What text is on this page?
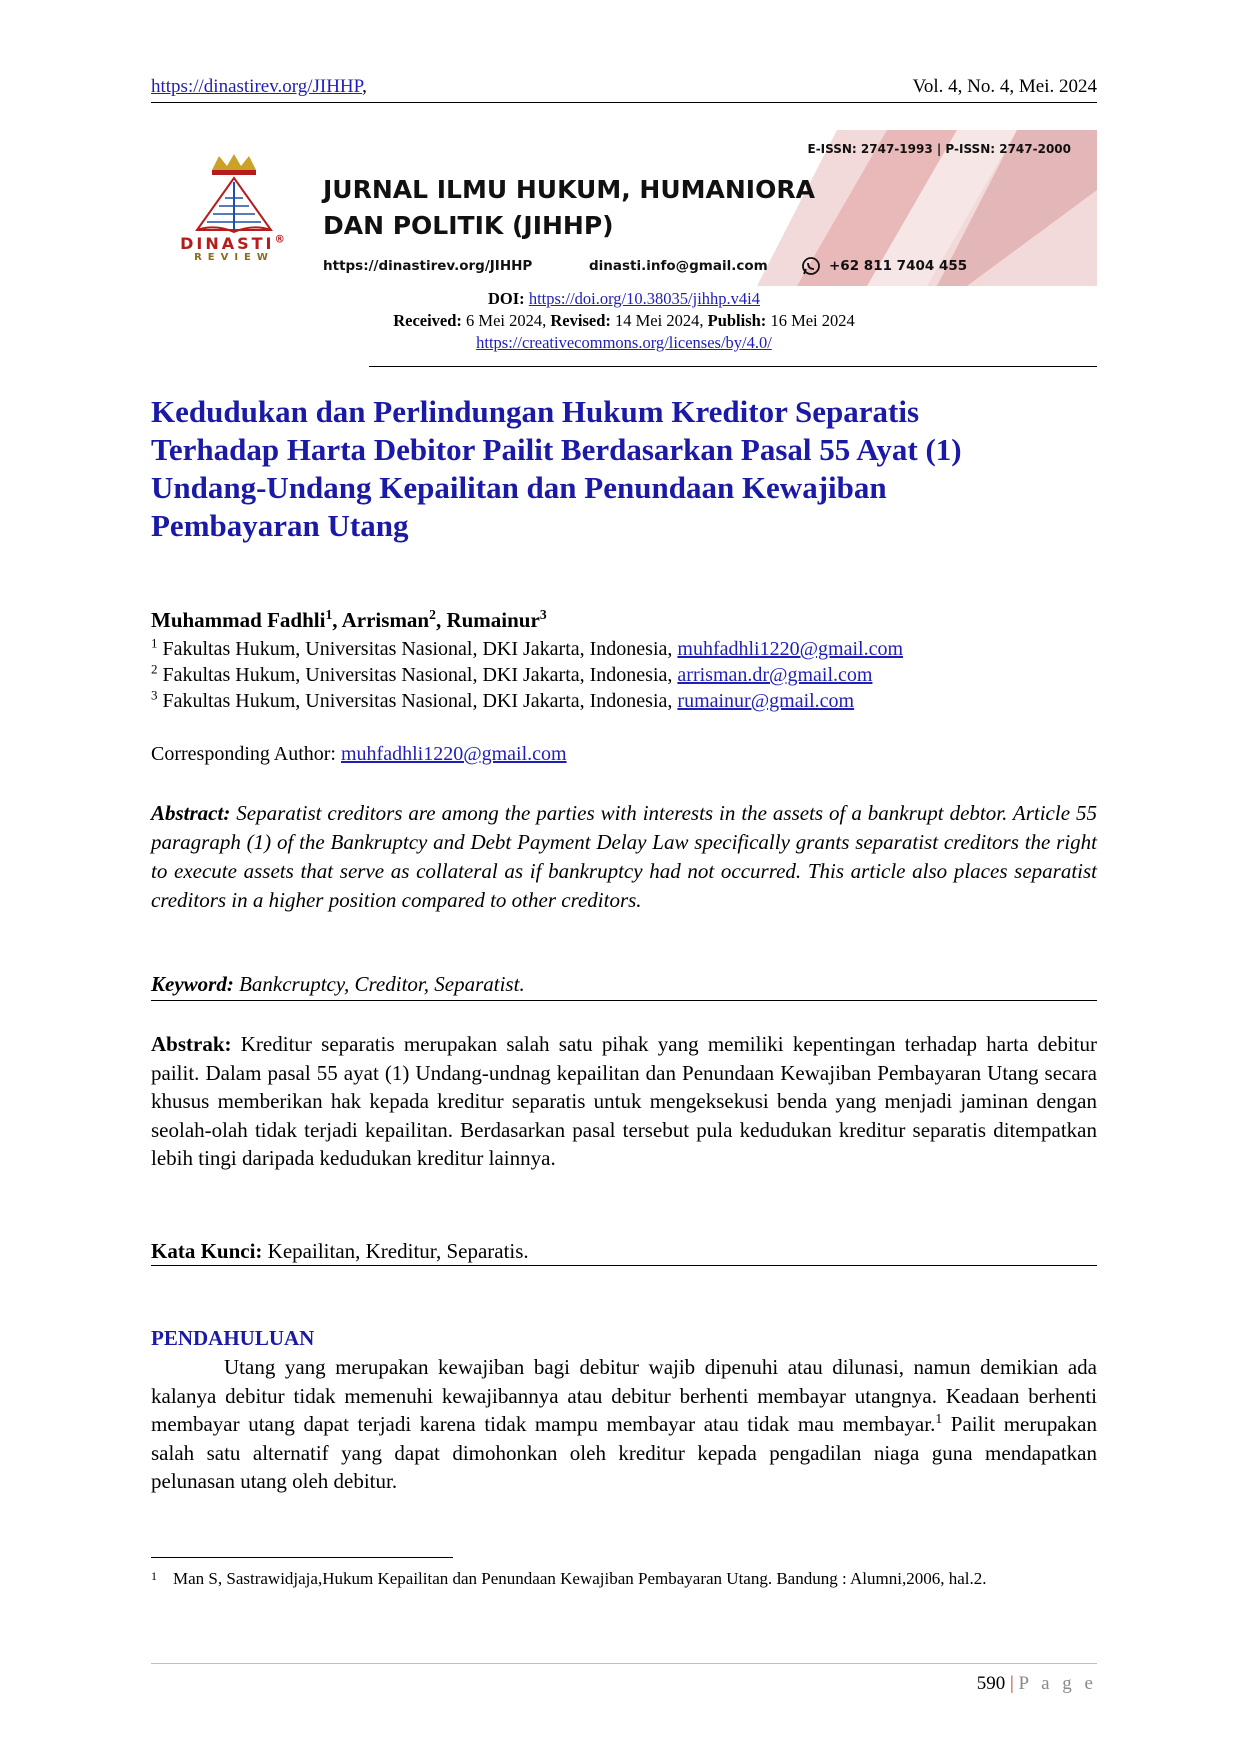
https://dinastirev.org/JIHHP,	Vol. 4, No. 4, Mei. 2024
DINASTI®
REVIEW
E-ISSN: 2747-1993 | P-ISSN: 2747-2000
JURNAL ILMU HUKUM, HUMANIORA
DAN POLITIK (JIHHP)
https://dinastirev.org/JIHHP	dinasti.info@gmail.com	+62 811 7404 455
DOI: https://doi.org/10.38035/jihhp.v4i4
Received: 6 Mei 2024, Revised: 14 Mei 2024, Publish: 16 Mei 2024
https://creativecommons.org/licenses/by/4.0/
Kedudukan dan Perlindungan Hukum Kreditor Separatis
Terhadap Harta Debitor Pailit Berdasarkan Pasal 55 Ayat (1)
Undang-Undang Kepailitan dan Penundaan Kewajiban
Pembayaran Utang
Muhammad Fadhli$^1$, Arrisman$^2$, Rumainur$^3$
$^1$ Fakultas Hukum, Universitas Nasional, DKI Jakarta, Indonesia, muhfadhli1220@gmail.com
$^2$ Fakultas Hukum, Universitas Nasional, DKI Jakarta, Indonesia, arrisman.dr@gmail.com
$^3$ Fakultas Hukum, Universitas Nasional, DKI Jakarta, Indonesia, rumainur@gmail.com
Corresponding Author: muhfadhli1220@gmail.com
Abstract: Separatist creditors are among the parties with interests in the assets of a bankrupt debtor. Article 55 paragraph (1) of the Bankruptcy and Debt Payment Delay Law specifically grants separatist creditors the right to execute assets that serve as collateral as if bankruptcy had not occurred. This article also places separatist creditors in a higher position compared to other creditors.
Keyword: Bankcruptcy, Creditor, Separatist.
Abstrak: Kreditur separatis merupakan salah satu pihak yang memiliki kepentingan terhadap harta debitur pailit. Dalam pasal 55 ayat (1) Undang-undnag kepailitan dan Penundaan Kewajiban Pembayaran Utang secara khusus memberikan hak kepada kreditur separatis untuk mengeksekusi benda yang menjadi jaminan dengan seolah-olah tidak terjadi kepailitan. Berdasarkan pasal tersebut pula kedudukan kreditur separatis ditempatkan lebih tingi daripada kedudukan kreditur lainnya.
Kata Kunci: Kepailitan, Kreditur, Separatis.
PENDAHULUAN
Utang yang merupakan kewajiban bagi debitur wajib dipenuhi atau dilunasi, namun demikian ada kalanya debitur tidak memenuhi kewajibannya atau debitur berhenti membayar utangnya. Keadaan berhenti membayar utang dapat terjadi karena tidak mampu membayar atau tidak mau membayar.$^1$ Pailit merupakan salah satu alternatif yang dapat dimohonkan oleh kreditur kepada pengadilan niaga guna mendapatkan pelunasan utang oleh debitur.
1 Man S, Sastrawidjaja,Hukum Kepailitan dan Penundaan Kewajiban Pembayaran Utang. Bandung : Alumni,2006, hal.2.
590 | P a g e
